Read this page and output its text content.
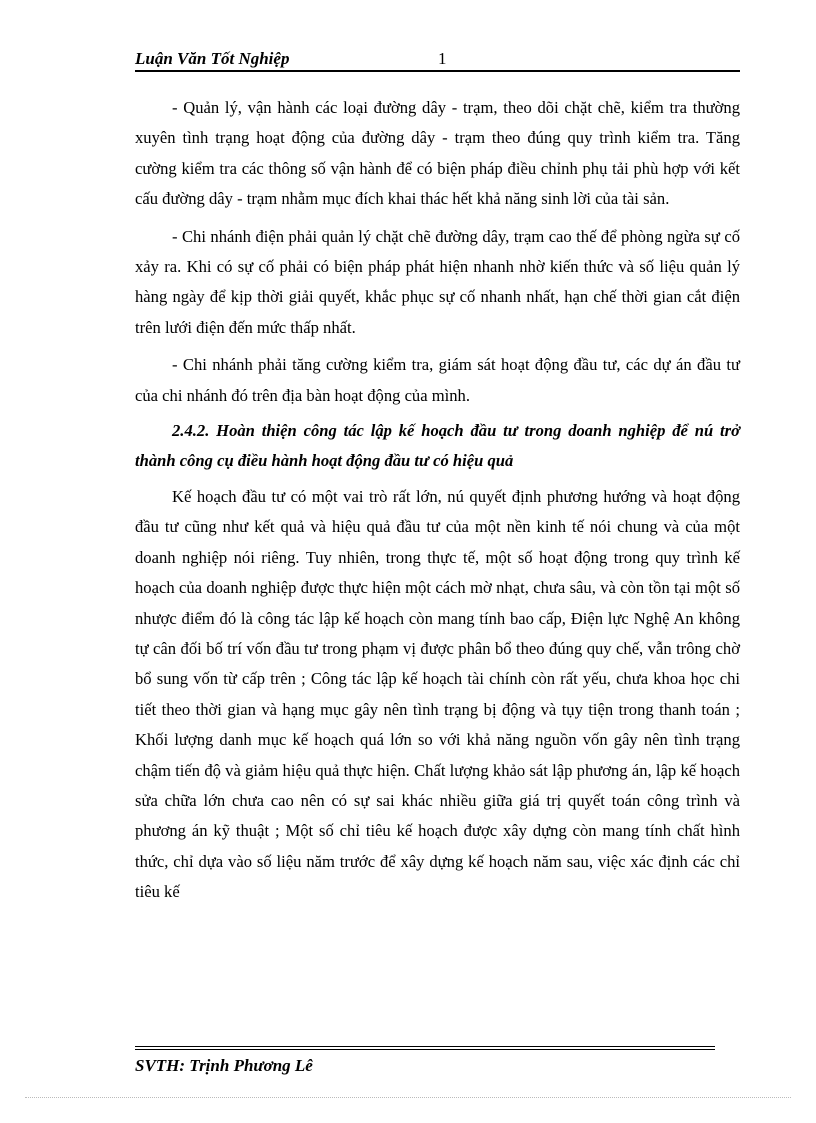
Luận Văn Tốt Nghiệp	1

- Quản lý, vận hành các loại đường dây - trạm, theo dõi chặt chẽ, kiểm tra thường xuyên tình trạng hoạt động của đường dây - trạm theo đúng quy trình kiểm tra. Tăng cường kiểm tra các thông số vận hành để có biện pháp điều chỉnh phụ tải phù hợp với kết cấu đường dây - trạm nhằm mục đích khai thác hết khả năng sinh lời của tài sản.

- Chi nhánh điện phải quản lý chặt chẽ đường dây, trạm cao thế để phòng ngừa sự cố xảy ra. Khi có sự cố phải có biện pháp phát hiện nhanh nhờ kiến thức và số liệu quản lý hàng ngày để kịp thời giải quyết, khắc phục sự cố nhanh nhất, hạn chế thời gian cắt điện trên lưới điện đến mức thấp nhất.

- Chi nhánh phải tăng cường kiểm tra, giám sát hoạt động đầu tư, các dự án đầu tư của chi nhánh đó trên địa bàn hoạt động của mình.

2.4.2. Hoàn thiện công tác lập kế hoạch đầu tư trong doanh nghiệp để nú trở thành công cụ điều hành hoạt động đầu tư có hiệu quả

Kế hoạch đầu tư có một vai trò rất lớn, nú quyết định phương hướng và hoạt động đầu tư cũng như kết quả và hiệu quả đầu tư của một nền kinh tế nói chung và của một doanh nghiệp nói riêng. Tuy nhiên, trong thực tế, một số hoạt động trong quy trình kế hoạch của doanh nghiệp được thực hiện một cách mờ nhạt, chưa sâu, và còn tồn tại một số nhược điểm đó là công tác lập kế hoạch còn mang tính bao cấp, Điện lực Nghệ An không tự cân đối bố trí vốn đầu tư trong phạm vị được phân bổ theo đúng quy chế, vẫn trông chờ bổ sung vốn từ cấp trên ; Công tác lập kế hoạch tài chính còn rất yếu, chưa khoa học chi tiết theo thời gian và hạng mục gây nên tình trạng bị động và tụy tiện trong thanh toán ; Khối lượng danh mục kế hoạch quá lớn so với khả năng nguồn vốn gây nên tình trạng chậm tiến độ và giảm hiệu quả thực hiện. Chất lượng khảo sát lập phương án, lập kế hoạch sửa chữa lớn chưa cao nên có sự sai khác nhiều giữa giá trị quyết toán công trình và phương án kỹ thuật ; Một số chỉ tiêu kế hoạch được xây dựng còn mang tính chất hình thức, chỉ dựa vào số liệu năm trước để xây dựng kế hoạch năm sau, việc xác định các chỉ tiêu kế

SVTH: Trịnh Phương Lê
